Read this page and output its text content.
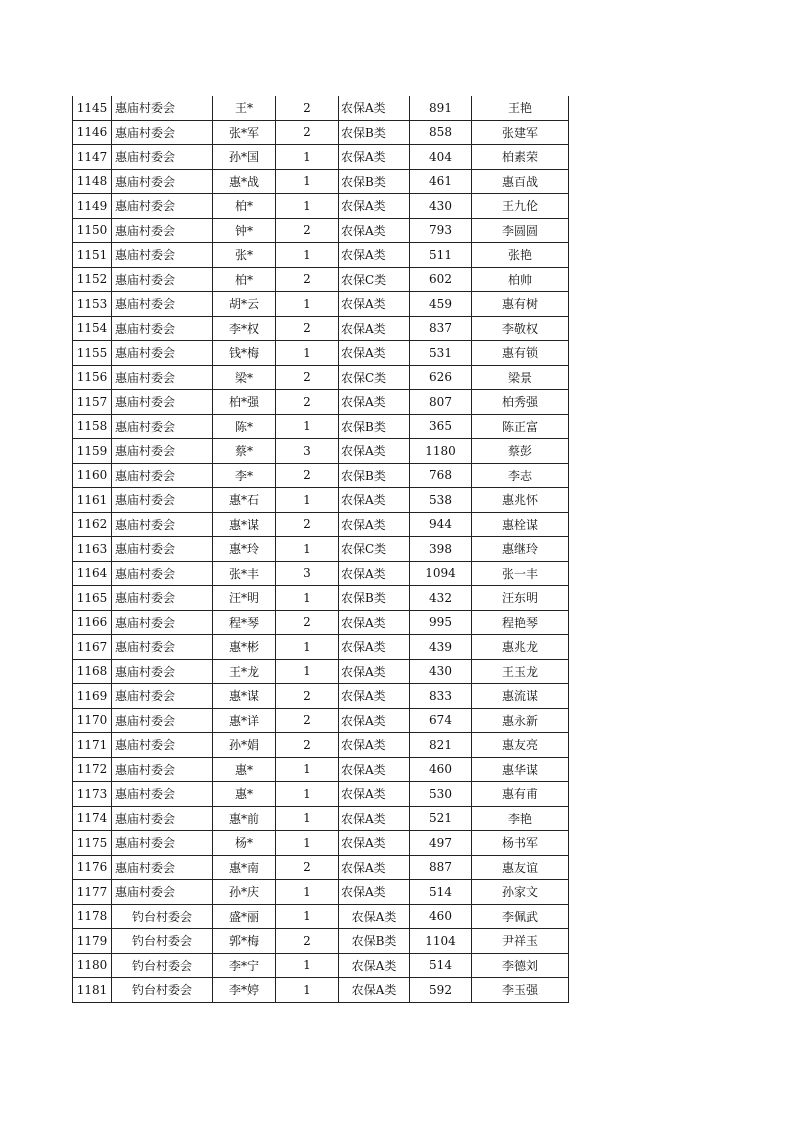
1145	惠庙村委会	王*	2	农保A类	891	王艳
1146	惠庙村委会	张*军	2	农保B类	858	张建军
1147	惠庙村委会	孙*国	1	农保A类	404	柏素荣
1148	惠庙村委会	惠*战	1	农保B类	461	惠百战
1149	惠庙村委会	柏*	1	农保A类	430	王九伦
1150	惠庙村委会	钟*	2	农保A类	793	李圆圆
1151	惠庙村委会	张*	1	农保A类	511	张艳
1152	惠庙村委会	柏*	2	农保C类	602	柏帅
1153	惠庙村委会	胡*云	1	农保A类	459	惠有树
1154	惠庙村委会	李*权	2	农保A类	837	李敬权
1155	惠庙村委会	钱*梅	1	农保A类	531	惠有锁
1156	惠庙村委会	梁*	2	农保C类	626	梁景
1157	惠庙村委会	柏*强	2	农保A类	807	柏秀强
1158	惠庙村委会	陈*	1	农保B类	365	陈正富
1159	惠庙村委会	蔡*	3	农保A类	1180	蔡彭
1160	惠庙村委会	李*	2	农保B类	768	李志
1161	惠庙村委会	惠*石	1	农保A类	538	惠兆怀
1162	惠庙村委会	惠*谋	2	农保A类	944	惠栓谋
1163	惠庙村委会	惠*玲	1	农保C类	398	惠继玲
1164	惠庙村委会	张*丰	3	农保A类	1094	张一丰
1165	惠庙村委会	汪*明	1	农保B类	432	汪东明
1166	惠庙村委会	程*琴	2	农保A类	995	程艳琴
1167	惠庙村委会	惠*彬	1	农保A类	439	惠兆龙
1168	惠庙村委会	王*龙	1	农保A类	430	王玉龙
1169	惠庙村委会	惠*谋	2	农保A类	833	惠流谋
1170	惠庙村委会	惠*详	2	农保A类	674	惠永新
1171	惠庙村委会	孙*娟	2	农保A类	821	惠友亮
1172	惠庙村委会	惠*	1	农保A类	460	惠华谋
1173	惠庙村委会	惠*	1	农保A类	530	惠有甫
1174	惠庙村委会	惠*前	1	农保A类	521	李艳
1175	惠庙村委会	杨*	1	农保A类	497	杨书军
1176	惠庙村委会	惠*南	2	农保A类	887	惠友谊
1177	惠庙村委会	孙*庆	1	农保A类	514	孙家文
1178	钓台村委会	盛*丽	1	农保A类	460	李佩武
1179	钓台村委会	郭*梅	2	农保B类	1104	尹祥玉
1180	钓台村委会	李*宁	1	农保A类	514	李德刘
1181	钓台村委会	李*婷	1	农保A类	592	李玉强
